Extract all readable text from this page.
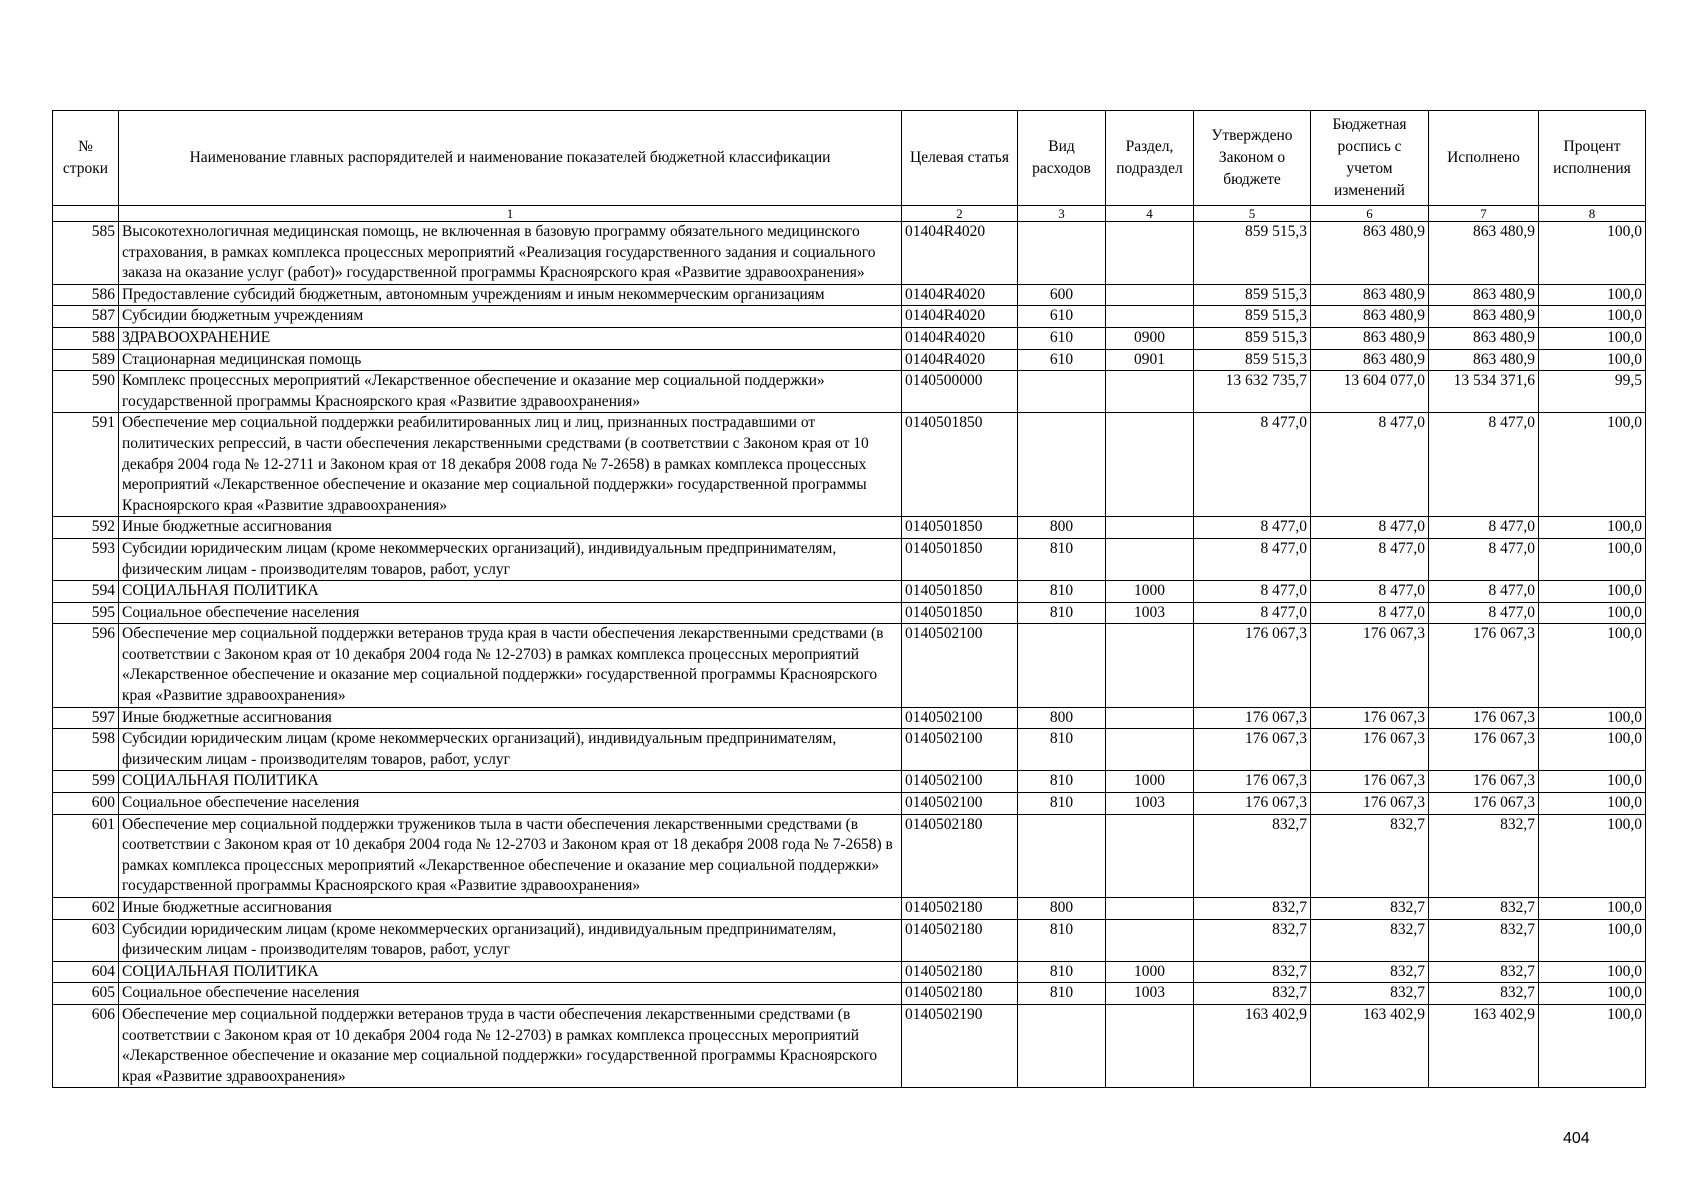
№ строки	Наименование главных распорядителей и наименование показателей бюджетной классификации	Целевая статья	Вид расходов	Раздел, подраздел	Утверждено Законом о бюджете	Бюджетная роспись с учетом изменений	Исполнено	Процент исполнения
	1	2	3	4	5	6	7	8
585	Высокотехнологичная медицинская помощь, не включенная в базовую программу обязательного медицинского страхования, в рамках комплекса процессных мероприятий «Реализация государственного задания и социального заказа на оказание услуг (работ)» государственной программы Красноярского края «Развитие здравоохранения»	01404R4020			859 515,3	863 480,9	863 480,9	100,0
586	Предоставление субсидий бюджетным, автономным учреждениям и иным некоммерческим организациям	01404R4020	600		859 515,3	863 480,9	863 480,9	100,0
587	Субсидии бюджетным учреждениям	01404R4020	610		859 515,3	863 480,9	863 480,9	100,0
588	ЗДРАВООХРАНЕНИЕ	01404R4020	610	0900	859 515,3	863 480,9	863 480,9	100,0
589	Стационарная медицинская помощь	01404R4020	610	0901	859 515,3	863 480,9	863 480,9	100,0
590	Комплекс процессных мероприятий «Лекарственное обеспечение и оказание мер социальной поддержки» государственной программы Красноярского края «Развитие здравоохранения»	0140500000			13 632 735,7	13 604 077,0	13 534 371,6	99,5
591	Обеспечение мер социальной поддержки реабилитированных лиц и лиц, признанных пострадавшими от политических репрессий, в части обеспечения лекарственными средствами (в соответствии с Законом края от 10 декабря 2004 года № 12-2711 и Законом края от 18 декабря 2008 года № 7-2658) в рамках комплекса процессных мероприятий «Лекарственное обеспечение и оказание мер социальной поддержки» государственной программы Красноярского края «Развитие здравоохранения»	0140501850			8 477,0	8 477,0	8 477,0	100,0
592	Иные бюджетные ассигнования	0140501850	800		8 477,0	8 477,0	8 477,0	100,0
593	Субсидии юридическим лицам (кроме некоммерческих организаций), индивидуальным предпринимателям, физическим лицам - производителям товаров, работ, услуг	0140501850	810		8 477,0	8 477,0	8 477,0	100,0
594	СОЦИАЛЬНАЯ ПОЛИТИКА	0140501850	810	1000	8 477,0	8 477,0	8 477,0	100,0
595	Социальное обеспечение населения	0140501850	810	1003	8 477,0	8 477,0	8 477,0	100,0
596	Обеспечение мер социальной поддержки ветеранов труда края в части обеспечения лекарственными средствами (в соответствии с Законом края от 10 декабря 2004 года № 12-2703) в рамках комплекса процессных мероприятий «Лекарственное обеспечение и оказание мер социальной поддержки» государственной программы Красноярского края «Развитие здравоохранения»	0140502100			176 067,3	176 067,3	176 067,3	100,0
597	Иные бюджетные ассигнования	0140502100	800		176 067,3	176 067,3	176 067,3	100,0
598	Субсидии юридическим лицам (кроме некоммерческих организаций), индивидуальным предпринимателям, физическим лицам - производителям товаров, работ, услуг	0140502100	810		176 067,3	176 067,3	176 067,3	100,0
599	СОЦИАЛЬНАЯ ПОЛИТИКА	0140502100	810	1000	176 067,3	176 067,3	176 067,3	100,0
600	Социальное обеспечение населения	0140502100	810	1003	176 067,3	176 067,3	176 067,3	100,0
601	Обеспечение мер социальной поддержки тружеников тыла в части обеспечения лекарственными средствами (в соответствии с Законом края от 10 декабря 2004 года № 12-2703 и Законом края от 18 декабря 2008 года № 7-2658) в рамках комплекса процессных мероприятий «Лекарственное обеспечение и оказание мер социальной поддержки» государственной программы Красноярского края «Развитие здравоохранения»	0140502180			832,7	832,7	832,7	100,0
602	Иные бюджетные ассигнования	0140502180	800		832,7	832,7	832,7	100,0
603	Субсидии юридическим лицам (кроме некоммерческих организаций), индивидуальным предпринимателям, физическим лицам - производителям товаров, работ, услуг	0140502180	810		832,7	832,7	832,7	100,0
604	СОЦИАЛЬНАЯ ПОЛИТИКА	0140502180	810	1000	832,7	832,7	832,7	100,0
605	Социальное обеспечение населения	0140502180	810	1003	832,7	832,7	832,7	100,0
606	Обеспечение мер социальной поддержки ветеранов труда в части обеспечения лекарственными средствами (в соответствии с Законом края от 10 декабря 2004 года № 12-2703) в рамках комплекса процессных мероприятий «Лекарственное обеспечение и оказание мер социальной поддержки» государственной программы Красноярского края «Развитие здравоохранения»	0140502190			163 402,9	163 402,9	163 402,9	100,0
404
